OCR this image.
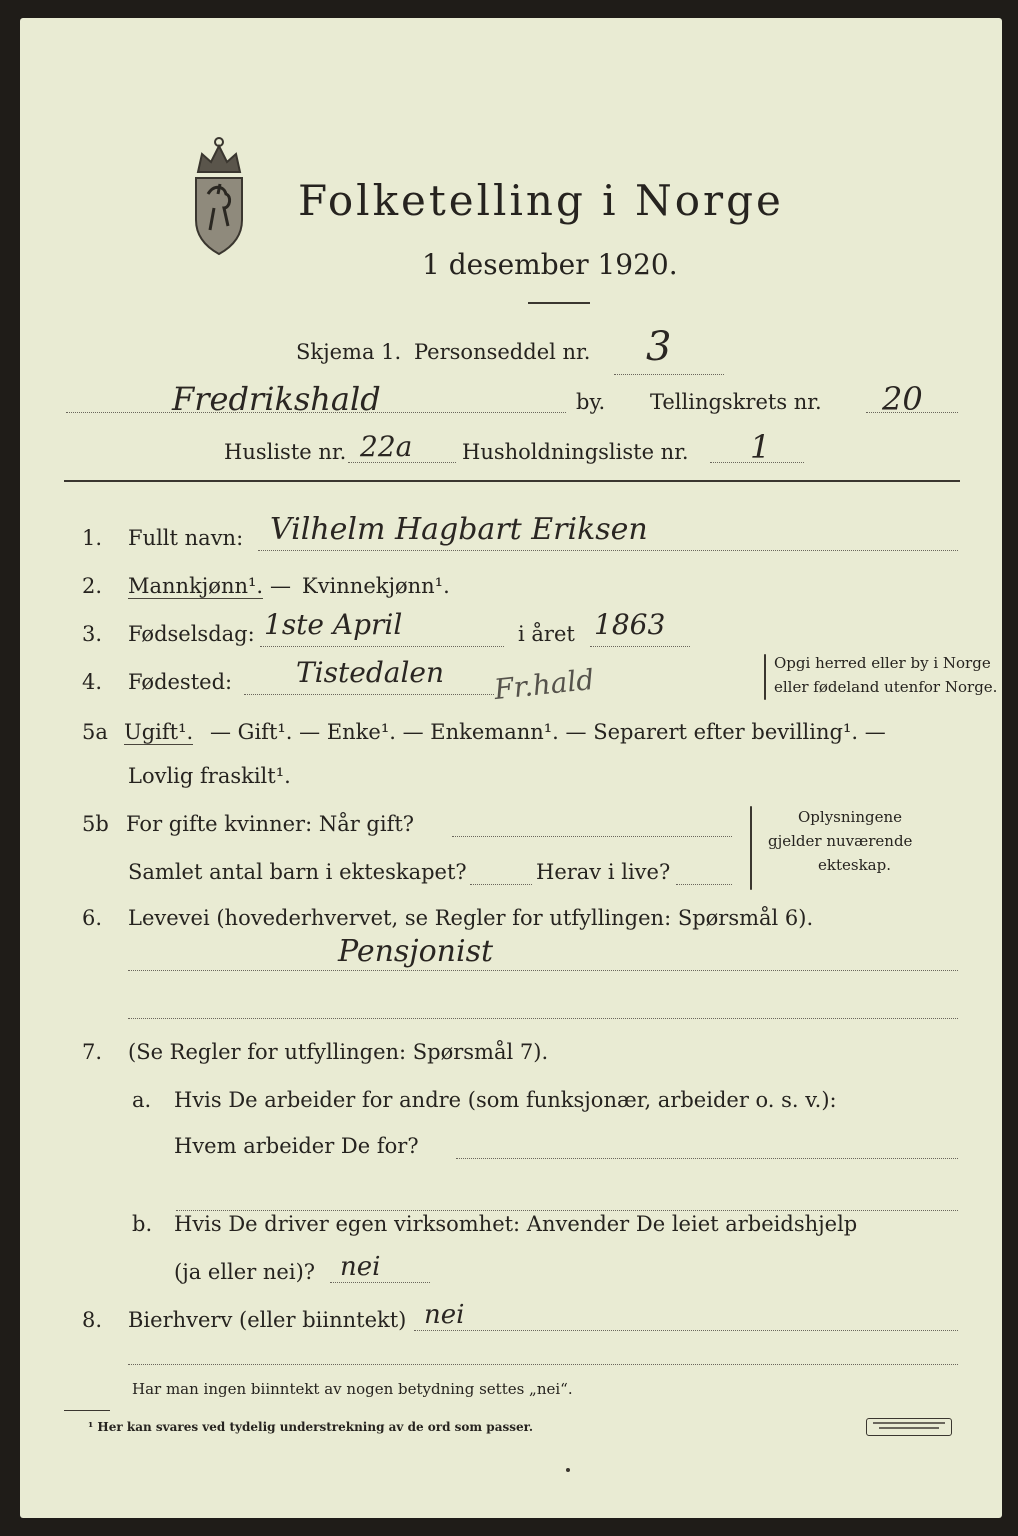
Folketelling i Norge
1 desember 1920.
Skjema 1. Personseddel nr. 3
Fredrikshald	by. Tellingskrets nr. 20
Husliste nr. 22a Husholdningsliste nr. 1
1. Fullt navn: Vilhelm Hagbart Eriksen
2. Mannkjønn¹. — Kvinnekjønn¹.
3. Fødselsdag: 1ste April	i året 1863
4. Fødested: Tistedalen Fr.hald	Opgi herred eller by i Norge
eller fødeland utenfor Norge.
5a Ugift¹. — Gift¹. — Enke¹. — Enkemann¹. — Separert efter bevilling¹. —
Lovlig fraskilt¹.
5b For gifte kvinner: Når gift?
Samlet antal barn i ekteskapet?	Herav i live?
Oplysningene
gjelder nuværende
ekteskap.
6. Levevei (hovederhvervet, se Regler for utfyllingen: Spørsmål 6).
Pensjonist
7. (Se Regler for utfyllingen: Spørsmål 7).
a. Hvis De arbeider for andre (som funksjonær, arbeider o. s. v.):
Hvem arbeider De for?
b. Hvis De driver egen virksomhet: Anvender De leiet arbeidshjelp
(ja eller nei)? nei
8. Bierhverv (eller biinntekt) nei
Har man ingen biinntekt av nogen betydning settes „nei“.
¹ Her kan svares ved tydelig understrekning av de ord som passer.
